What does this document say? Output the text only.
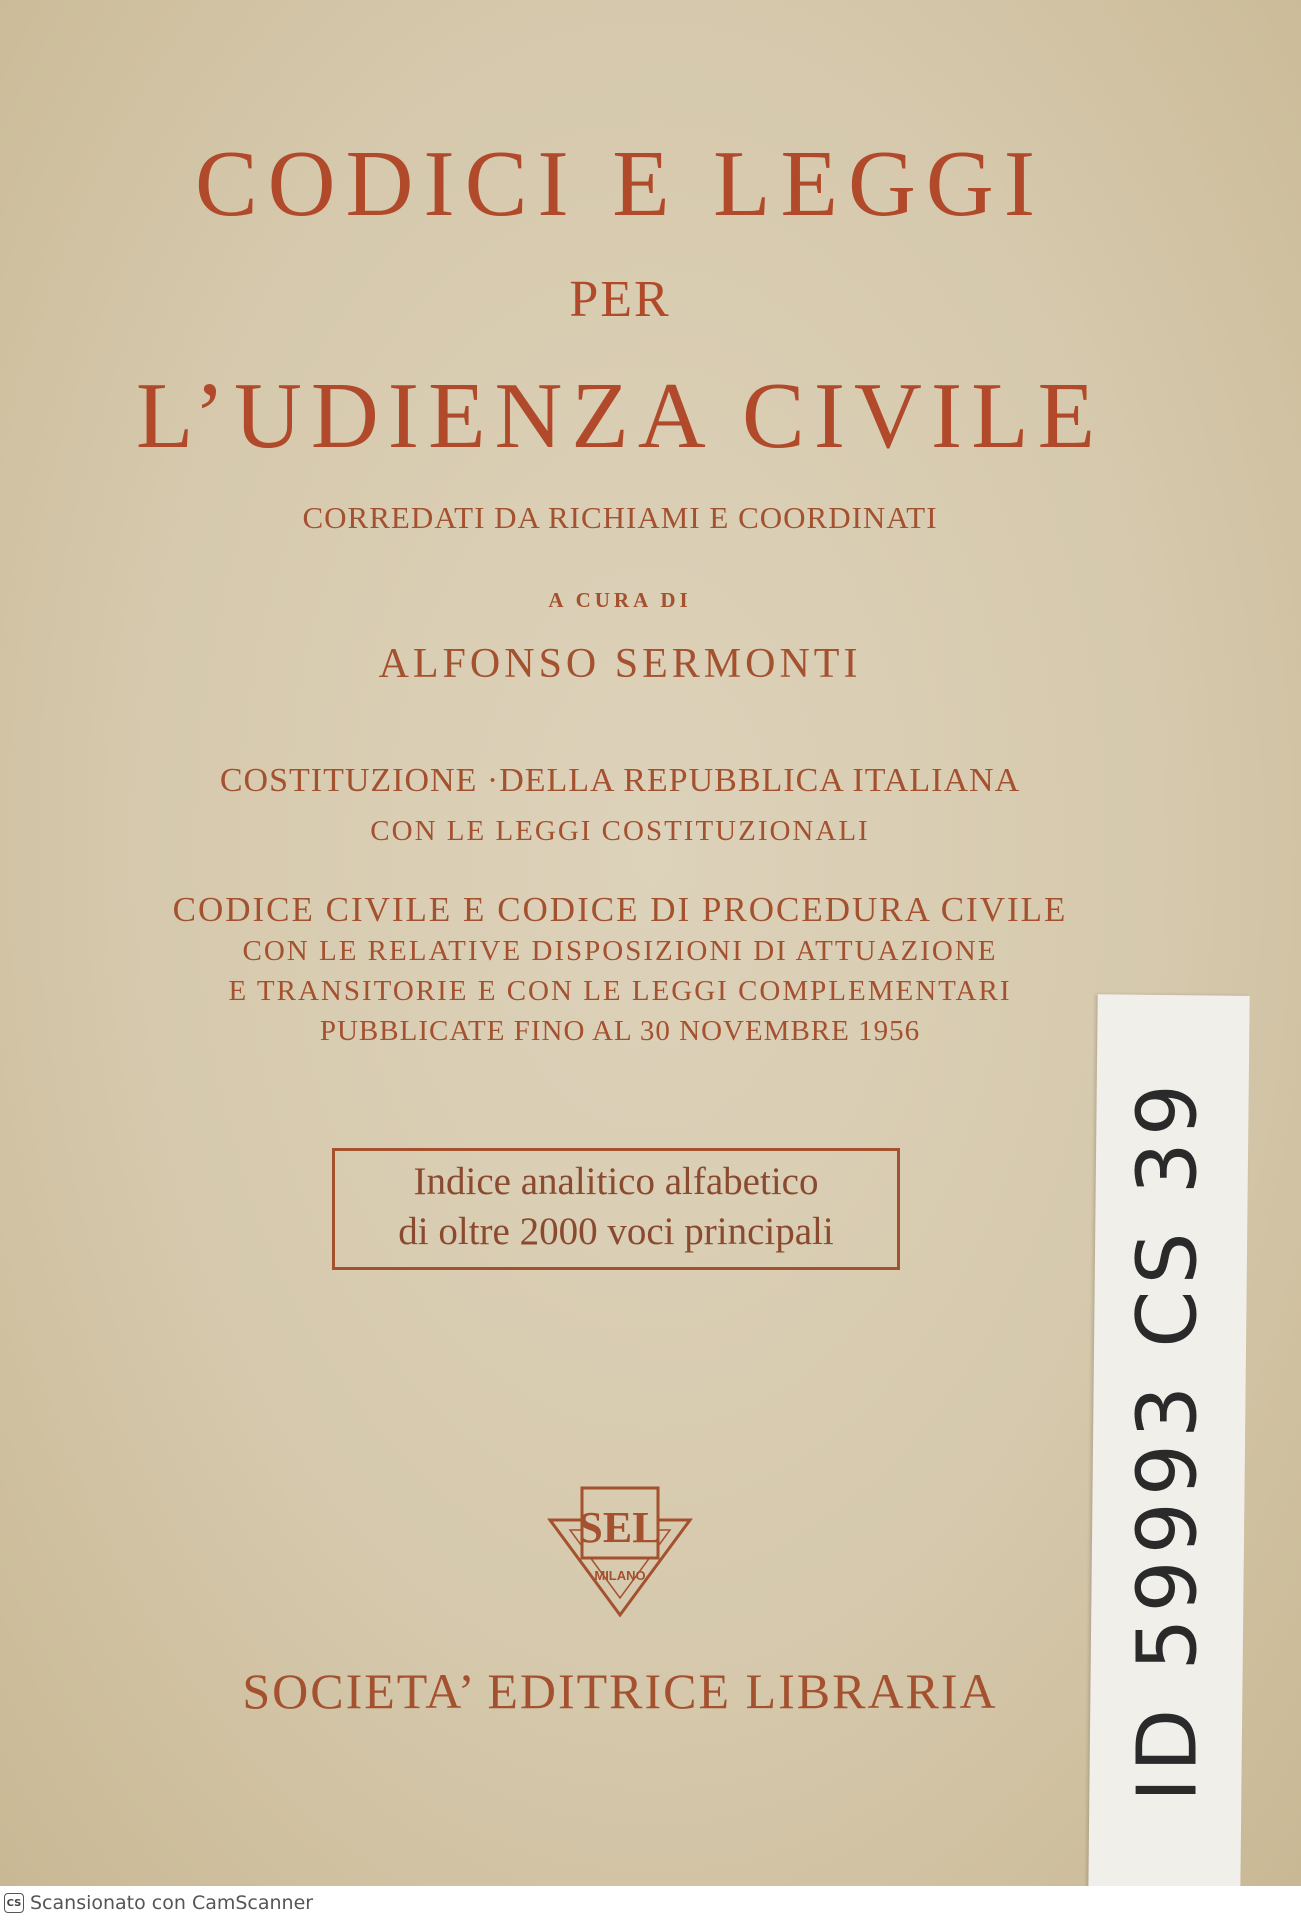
CODICI E LEGGI
PER
L’UDIENZA CIVILE
CORREDATI DA RICHIAMI E COORDINATI
A CURA DI
ALFONSO SERMONTI
COSTITUZIONE ·DELLA REPUBBLICA ITALIANA
CON LE LEGGI COSTITUZIONALI
CODICE CIVILE E CODICE DI PROCEDURA CIVILE
CON LE RELATIVE DISPOSIZIONI DI ATTUAZIONE
E TRANSITORIE E CON LE LEGGI COMPLEMENTARI
PUBBLICATE FINO AL 30 NOVEMBRE 1956
Indice analitico alfabetico
di oltre 2000 voci principali
SEL
MILANO
SOCIETA’ EDITRICE LIBRARIA	ID 59993 CS 39
CS Scansionato con CamScanner
